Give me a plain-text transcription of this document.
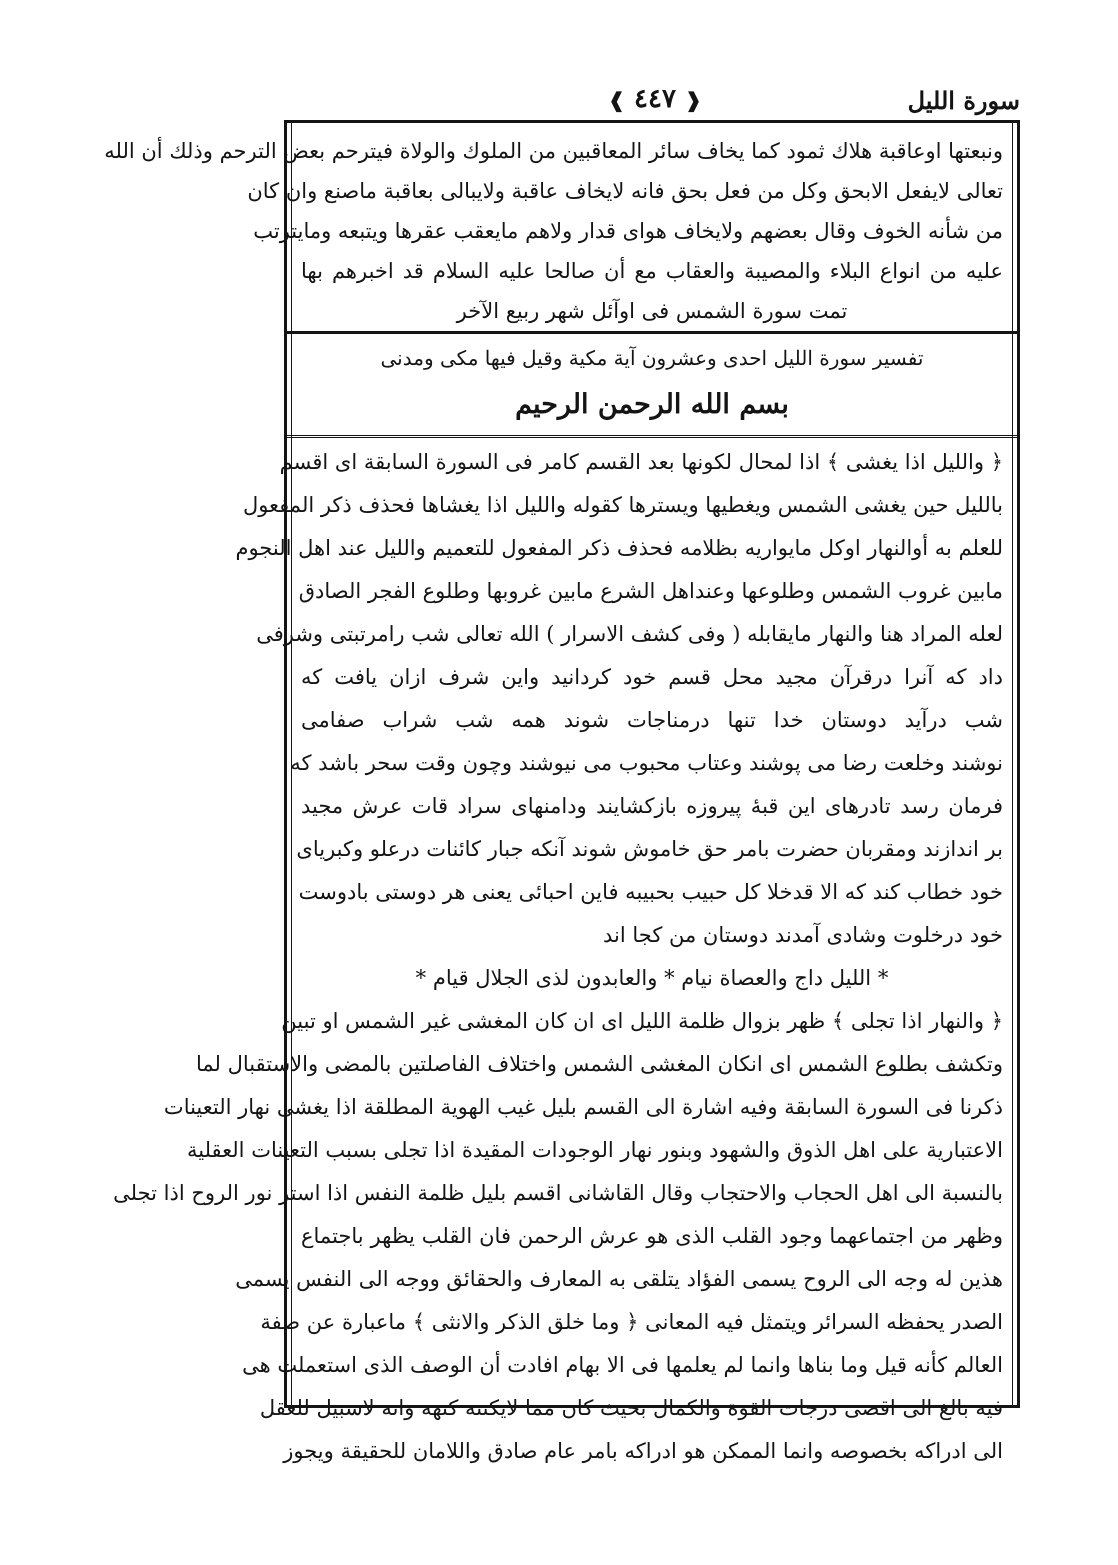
سورة الليل
❰ ٤٤٧ ❱
ونبعتها اوعاقبة هلاك ثمود كما يخاف سائر المعاقبين من الملوك والولاة فيترحم بعض الترحم وذلك أن الله
تعالى لايفعل الابحق وكل من فعل بحق فانه لايخاف عاقبة ولايبالى بعاقبة ماصنع وان كان
من شأنه الخوف وقال بعضهم ولايخاف هواى قدار ولاهم مايعقب عقرها ويتبعه ومايترتب
عليه من انواع البلاء والمصيبة والعقاب مع أن صالحا عليه السلام قد اخبرهم بها
تمت سورة الشمس فى اوآئل شهر ربيع الآخر
تفسير سورة الليل احدى وعشرون آية مكية وقيل فيها مكى ومدنى
بسم الله الرحمن الرحيم
﴿ والليل اذا يغشى ﴾ اذا لمحال لكونها بعد القسم كامر فى السورة السابقة اى اقسم
بالليل حين يغشى الشمس ويغطيها ويسترها كقوله والليل اذا يغشاها فحذف ذكر المفعول
للعلم به أوالنهار اوكل مايواريه بظلامه فحذف ذكر المفعول للتعميم والليل عند اهل النجوم
مابين غروب الشمس وطلوعها وعنداهل الشرع مابين غروبها وطلوع الفجر الصادق
لعله المراد هنا والنهار مايقابله ( وفى كشف الاسرار ) الله تعالى شب رامرتبتى وشرفى
داد كه آنرا درقرآن مجيد محل قسم خود كردانيد واين شرف ازان يافت كه
شب درآيد دوستان خدا تنها درمناجات شوند همه شب شراب صفامى
نوشند وخلعت رضا مى پوشند وعتاب محبوب مى نيوشند وچون وقت سحر باشد كه
فرمان رسد تادرهاى اين قبهٔ پيروزه بازكشايند ودامنهاى سراد قات عرش مجيد
بر اندازند ومقربان حضرت بامر حق خاموش شوند آنكه جبار كائنات درعلو وكبرياى
خود خطاب كند كه الا قدخلا كل حبيب بحبيبه فاين احبائى يعنى هر دوستى بادوست
خود درخلوت وشادى آمدند دوستان من كجا اند
* الليل داج والعصاة نيام * والعابدون لذى الجلال قيام *
﴿ والنهار اذا تجلى ﴾ ظهر بزوال ظلمة الليل اى ان كان المغشى غير الشمس او تبين
وتكشف بطلوع الشمس اى انكان المغشى الشمس واختلاف الفاصلتين بالمضى والاستقبال لما
ذكرنا فى السورة السابقة وفيه اشارة الى القسم بليل غيب الهوية المطلقة اذا يغشى نهار التعينات
الاعتبارية على اهل الذوق والشهود وبنور نهار الوجودات المقيدة اذا تجلى بسبب التعينات العقلية
بالنسبة الى اهل الحجاب والاحتجاب وقال القاشانى اقسم بليل ظلمة النفس اذا استر نور الروح اذا تجلى
وظهر من اجتماعهما وجود القلب الذى هو عرش الرحمن فان القلب يظهر باجتماع
هذين له وجه الى الروح يسمى الفؤاد يتلقى به المعارف والحقائق ووجه الى النفس يسمى
الصدر يحفظه السرائر ويتمثل فيه المعانى ﴿ وما خلق الذكر والانثى ﴾ ماعبارة عن صفة
العالم كأنه قيل وما بناها وانما لم يعلمها فى الا بهام افادت أن الوصف الذى استعملت هى
فيه بالغ الى اقصى درجات القوة والكمال بحيث كان مما لايكتنه كنهه وانه لاسبيل للعقل
الى ادراكه بخصوصه وانما الممكن هو ادراكه بامر عام صادق واللامان للحقيقة ويجوز
